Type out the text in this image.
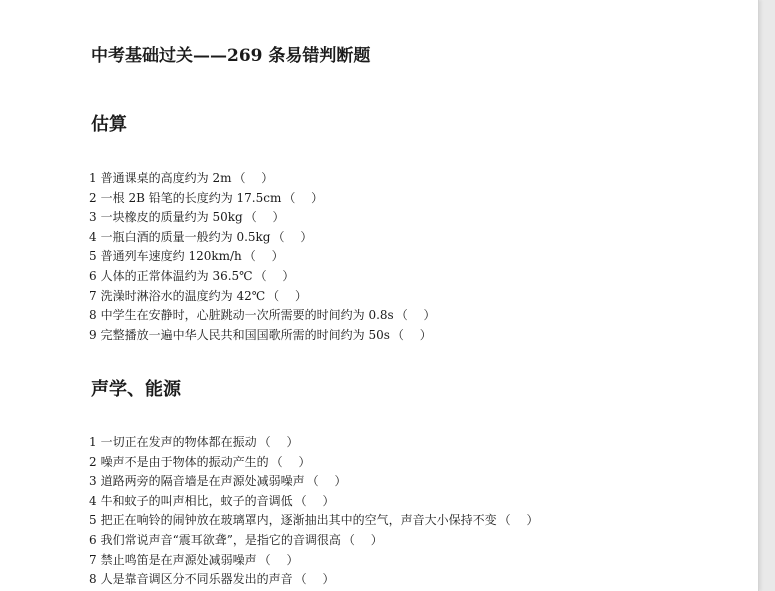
中考基础过关——269 条易错判断题
估算
1 普通课桌的高度约为 2m （　 ）
2 一根 2B 铅笔的长度约为 17.5cm （　 ）
3 一块橡皮的质量约为 50kg （　 ）
4 一瓶白酒的质量一般约为 0.5kg （　 ）
5 普通列车速度约 120km/h （　 ）
6 人体的正常体温约为 36.5℃ （　 ）
7 洗澡时淋浴水的温度约为 42℃ （　 ）
8 中学生在安静时，心脏跳动一次所需要的时间约为 0.8s （　 ）
9 完整播放一遍中华人民共和国国歌所需的时间约为 50s （　 ）
声学、能源
1 一切正在发声的物体都在振动 （　 ）
2 噪声不是由于物体的振动产生的 （　 ）
3 道路两旁的隔音墙是在声源处减弱噪声 （　 ）
4 牛和蚊子的叫声相比，蚊子的音调低 （　 ）
5 把正在响铃的闹钟放在玻璃罩内，逐渐抽出其中的空气，声音大小保持不变 （　 ）
6 我们常说声音“震耳欲聋”，是指它的音调很高 （　 ）
7 禁止鸣笛是在声源处减弱噪声 （　 ）
8 人是靠音调区分不同乐器发出的声音 （　 ）
